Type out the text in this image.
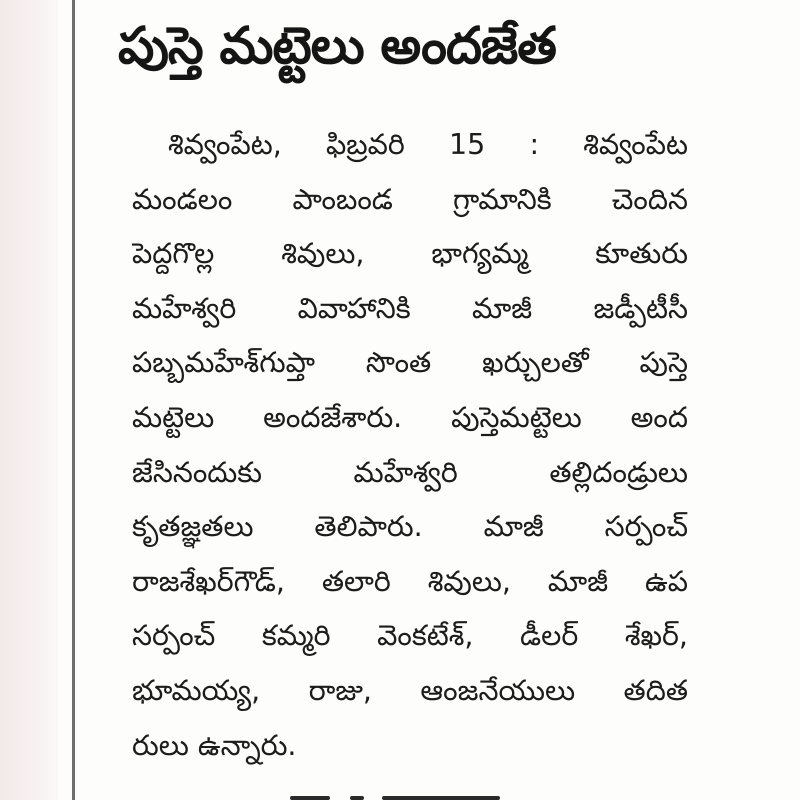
పుస్తె మట్టెలు అందజేత
శివ్వంపేట, ఫిబ్రవరి 15 : శివ్వంపేట
మండలం పాంబండ గ్రామానికి చెందిన
పెద్దగొల్ల శివులు, భాగ్యమ్మ కూతురు
మహేశ్వరి వివాహానికి మాజీ జడ్పీటీసీ
పబ్బమహేశ్‌గుప్తా సొంత ఖర్చులతో పుస్తె
మట్టెలు అందజేశారు. పుస్తెమట్టెలు అంద
జేసినందుకు మహేశ్వరి తల్లిదండ్రులు
కృతజ్ఞతలు తెలిపారు. మాజీ సర్పంచ్
రాజశేఖర్‌గౌడ్, తలారి శివులు, మాజీ ఉప
సర్పంచ్ కమ్మరి వెంకటేశ్, డీలర్ శేఖర్,
భూమయ్య, రాజు, ఆంజనేయులు తదిత
రులు ఉన్నారు.
